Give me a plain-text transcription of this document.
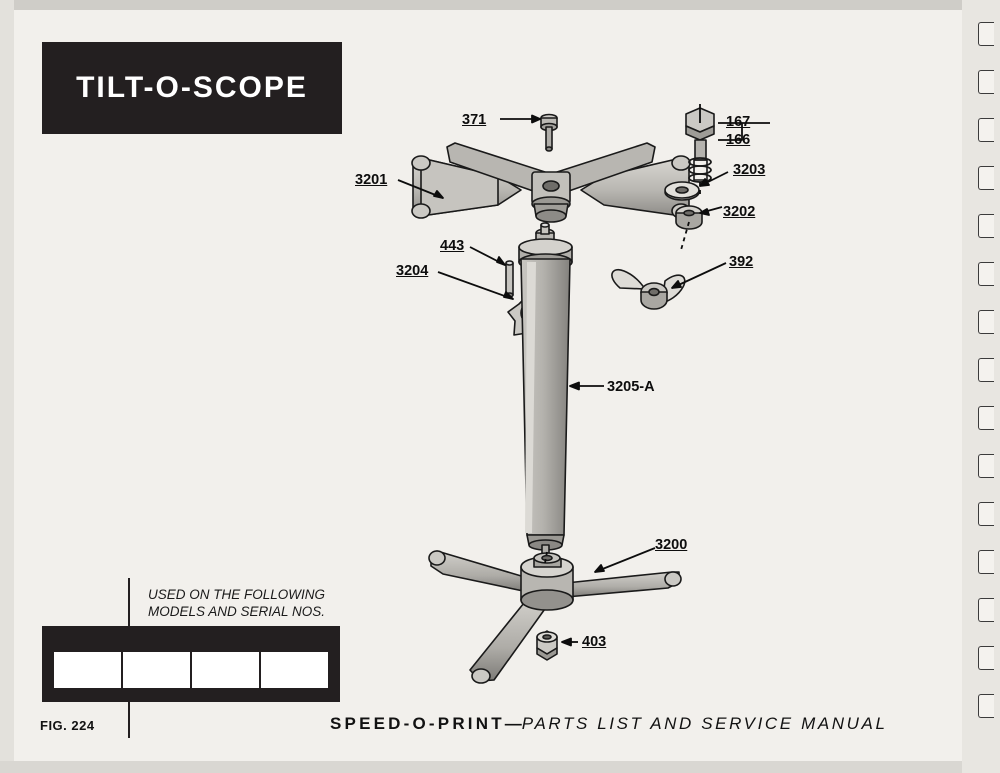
TILT-O-SCOPE
371	167
166
3203
3202
3201
443
3204
392
3205-A
3200
403
USED ON THE FOLLOWING
MODELS AND SERIAL NOS.
FIG. 224	SPEED-O-PRINT—PARTS LIST AND SERVICE MANUAL
